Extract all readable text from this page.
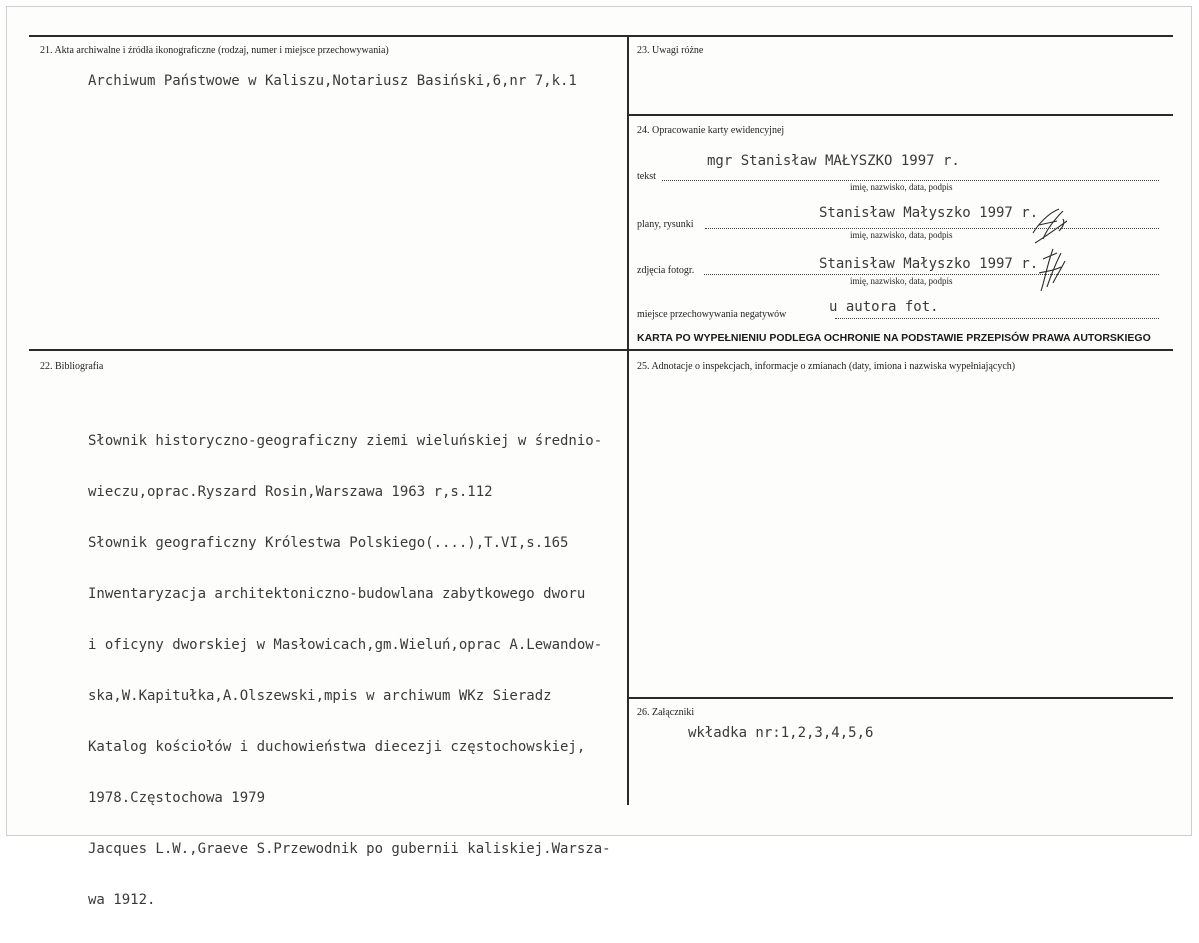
21. Akta archiwalne i źródła ikonograficzne (rodzaj, numer i miejsce przechowywania)
Archiwum Państwowe w Kaliszu,Notariusz Basiński,6,nr 7,k.1
22. Bibliografia

Słownik historyczno-geograficzny ziemi wieluńskiej w średnio-

wieczu,oprac.Ryszard Rosin,Warszawa 1963 r,s.112

Słownik geograficzny Królestwa Polskiego(....),T.VI,s.165

Inwentaryzacja architektoniczno-budowlana zabytkowego dworu

i oficyny dworskiej w Masłowicach,gm.Wieluń,oprac A.Lewandow-

ska,W.Kapitułka,A.Olszewski,mpis w archiwum WKz Sieradz

Katalog kościołów i duchowieństwa diecezji częstochowskiej,

1978.Częstochowa 1979

Jacques L.W.,Graeve S.Przewodnik po gubernii kaliskiej.Warsza-

wa 1912.

23. Uwagi różne
24. Opracowanie karty ewidencyjnej
tekst
mgr Stanisław MAŁYSZKO 1997 r.
imię, nazwisko, data, podpis
plany, rysunki
Stanisław Małyszko 1997 r.
imię, nazwisko, data, podpis
zdjęcia fotogr.	Stanisław Małyszko 1997 r.
imię, nazwisko, data, podpis
miejsce przechowywania negatywów	u autora fot.
KARTA PO WYPEŁNIENIU PODLEGA OCHRONIE NA PODSTAWIE PRZEPISÓW PRAWA AUTORSKIEGO
25. Adnotacje o inspekcjach, informacje o zmianach (daty, imiona i nazwiska wypełniających)
26. Załączniki
wkładka nr:1,2,3,4,5,6
